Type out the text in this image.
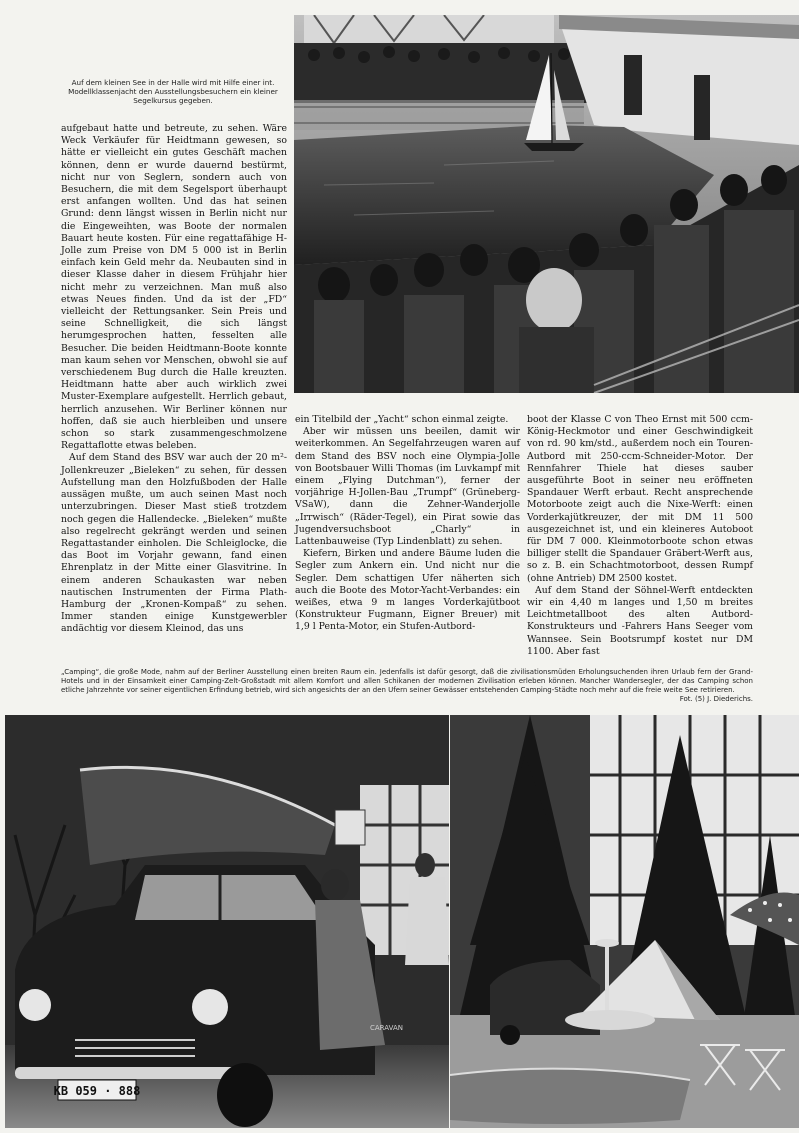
Auf dem kleinen See in der Halle wird mit Hilfe einer int. Modellklassenjacht den Ausstellungsbesuchern ein kleiner Segelkursus gegeben.

aufgebaut hatte und betreute, zu sehen. Wäre Weck Verkäufer für Heidtmann gewesen, so hätte er vielleicht ein gutes Geschäft machen können, denn er wurde dauernd bestürmt, nicht nur von Seglern, sondern auch von Besuchern, die mit dem Segelsport überhaupt erst anfangen wollten. Und das hat seinen Grund: denn längst wissen in Berlin nicht nur die Eingeweihten, was Boote der normalen Bauart heute kosten. Für eine regattafähige H-Jolle zum Preise von DM 5 000 ist in Berlin einfach kein Geld mehr da. Neubauten sind in dieser Klasse daher in diesem Frühjahr hier nicht mehr zu verzeichnen. Man muß also etwas Neues finden. Und da ist der „FD“ vielleicht der Rettungsanker. Sein Preis und seine Schnelligkeit, die sich längst herumgesprochen hatten, fesselten alle Besucher. Die beiden Heidtmann-Boote konnte man kaum sehen vor Menschen, obwohl sie auf verschiedenem Bug durch die Halle kreuzten. Heidtmann hatte aber auch wirklich zwei Muster-Exemplare aufgestellt. Herrlich gebaut, herrlich anzusehen. Wir Berliner können nur hoffen, daß sie auch hierbleiben und unsere schon so stark zusammengeschmolzene Regattaflotte etwas beleben.

Auf dem Stand des BSV war auch der 20 m²-Jollenkreuzer „Bieleken“ zu sehen, für dessen Aufstellung man den Holzfußboden der Halle aussägen mußte, um auch seinen Mast noch unterzubringen. Dieser Mast stieß trotzdem noch gegen die Hallendecke. „Bieleken“ mußte also regelrecht gekrängt werden und seinen Regattastander einholen. Die Schleiglocke, die das Boot im Vorjahr gewann, fand einen Ehrenplatz in der Mitte einer Glasvitrine. In einem anderen Schaukasten war neben nautischen Instrumenten der Firma Plath-Hamburg der „Kronen-Kompaß“ zu sehen. Immer standen einige Kunstgewerbler andächtig vor diesem Kleinod, das uns

ein Titelbild der „Yacht“ schon einmal zeigte.

Aber wir müssen uns beeilen, damit wir weiterkommen. An Segelfahrzeugen waren auf dem Stand des BSV noch eine Olympia-Jolle von Bootsbauer Willi Thomas (im Luvkampf mit einem „Flying Dutchman“), ferner der vorjährige H-Jollen-Bau „Trumpf“ (Grüneberg-VSaW), dann die Zehner-Wanderjolle „Irrwisch“ (Räder-Tegel), ein Pirat sowie das Jugendversuchsboot „Charly“ in Lattenbauweise (Typ Lindenblatt) zu sehen.

Kiefern, Birken und andere Bäume luden die Segler zum Ankern ein. Und nicht nur die Segler. Dem schattigen Ufer näherten sich auch die Boote des Motor-Yacht-Verbandes: ein weißes, etwa 9 m langes Vorderkajütboot (Konstrukteur Fugmann, Eigner Breuer) mit 1,9 l Penta-Motor, ein Stufen-Autbord-

boot der Klasse C von Theo Ernst mit 500 ccm-König-Heckmotor und einer Geschwindigkeit von rd. 90 km/std., außerdem noch ein Touren-Autbord mit 250-ccm-Schneider-Motor. Der Rennfahrer Thiele hat dieses sauber ausgeführte Boot in seiner neu eröffneten Spandauer Werft erbaut. Recht ansprechende Motorboote zeigt auch die Nixe-Werft: einen Vorderkajütkreuzer, der mit DM 11 500 ausgezeichnet ist, und ein kleineres Autoboot für DM 7 000. Kleinmotorboote schon etwas billiger stellt die Spandauer Gräbert-Werft aus, so z. B. ein Schachtmotorboot, dessen Rumpf (ohne Antrieb) DM 2500 kostet.

Auf dem Stand der Söhnel-Werft entdeckten wir ein 4,40 m langes und 1,50 m breites Leichtmetallboot des alten Autbord-Konstrukteurs und -Fahrers Hans Seeger vom Wannsee. Sein Bootsrumpf kostet nur DM 1100. Aber fast

„Camping“, die große Mode, nahm auf der Berliner Ausstellung einen breiten Raum ein. Jedenfalls ist dafür gesorgt, daß die zivilisationsmüden Erholungsuchenden ihren Urlaub fern der Grand-Hotels und in der Einsamkeit einer Camping-Zelt-Großstadt mit allem Komfort und allen Schikanen der modernen Zivilisation erleben können. Mancher Wandersegler, der das Camping schon etliche Jahrzehnte vor seiner eigentlichen Erfindung betrieb, wird sich angesichts der an den Ufern seiner Gewässer entstehenden Camping-Städte noch mehr auf die freie weite See retirieren.
Fot. (5) J. Diederichs.
KB 059 · 888
CARAVAN
